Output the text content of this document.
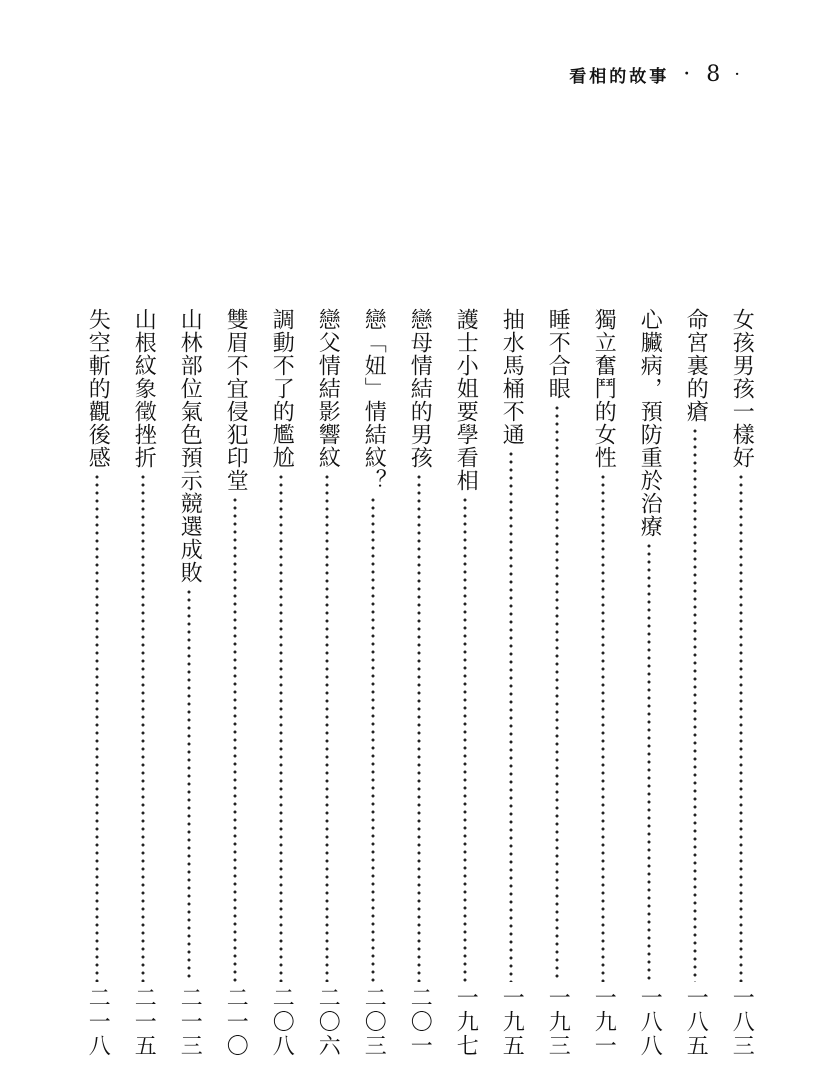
看相的故事 · 8 ·
女孩男孩一樣好
一八三
命宮裏的瘡
一八五
心臟病，預防重於治療
一八八
獨立奮鬥的女性
一九一
睡不合眼
一九三
抽水馬桶不通
一九五
護士小姐要學看相
一九七
戀母情結的男孩
二〇一
戀「妞」情結紋？
二〇三
戀父情結影響紋
二〇六
調動不了的尷尬
二〇八
雙眉不宜侵犯印堂
二一〇
山林部位氣色預示競選成敗
二一三
山根紋象徵挫折
二一五
失空斬的觀後感
二一八
